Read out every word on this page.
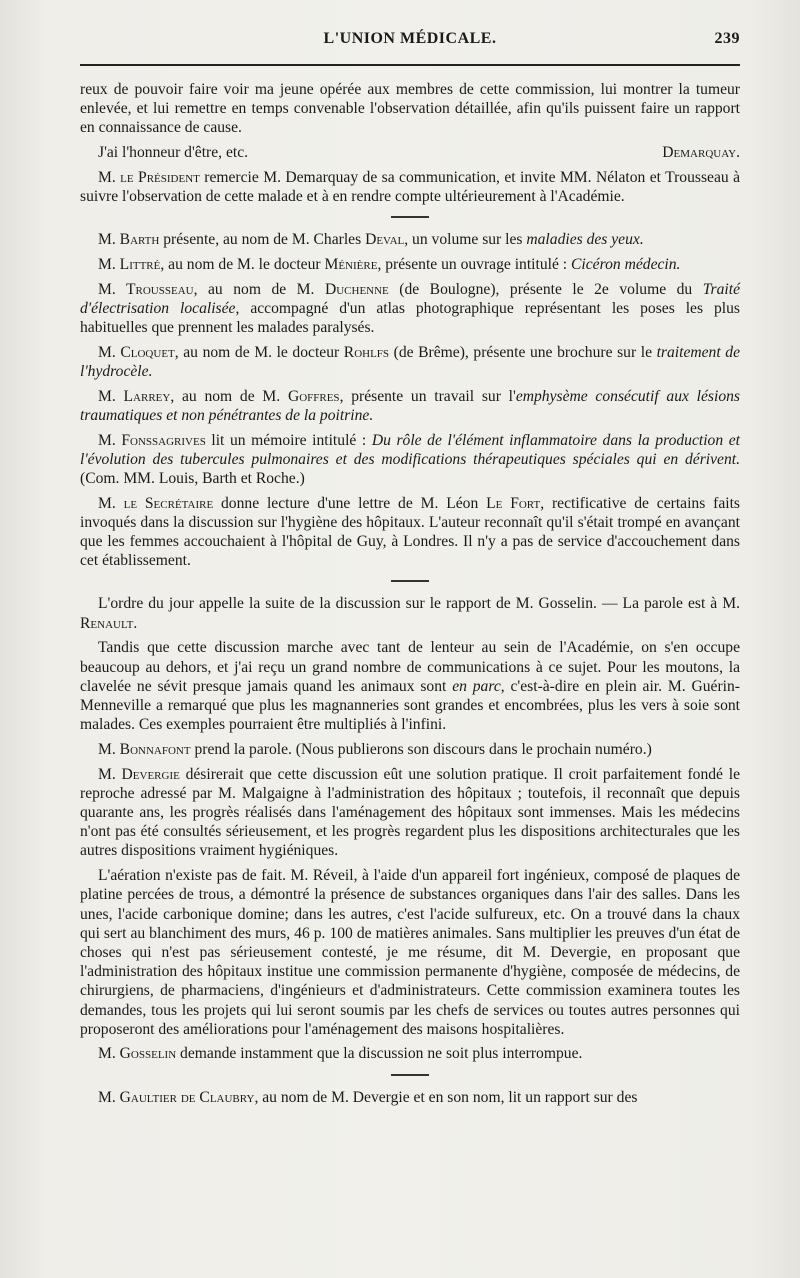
L'UNION MÉDICALE.	239

reux de pouvoir faire voir ma jeune opérée aux membres de cette commission, lui montrer la tumeur enlevée, et lui remettre en temps convenable l'observation détaillée, afin qu'ils puissent faire un rapport en connaissance de cause.

J'ai l'honneur d'être, etc.	Demarquay.

M. le Président remercie M. Demarquay de sa communication, et invite MM. Nélaton et Trousseau à suivre l'observation de cette malade et à en rendre compte ultérieurement à l'Académie.

M. Barth présente, au nom de M. Charles Deval, un volume sur les maladies des yeux.

M. Littré, au nom de M. le docteur Ménière, présente un ouvrage intitulé : Cicéron médecin.

M. Trousseau, au nom de M. Duchenne (de Boulogne), présente le 2e volume du Traité d'électrisation localisée, accompagné d'un atlas photographique représentant les poses les plus habituelles que prennent les malades paralysés.

M. Cloquet, au nom de M. le docteur Rohlfs (de Brême), présente une brochure sur le traitement de l'hydrocèle.

M. Larrey, au nom de M. Goffres, présente un travail sur l'emphysème consécutif aux lésions traumatiques et non pénétrantes de la poitrine.

M. Fonssagrives lit un mémoire intitulé : Du rôle de l'élément inflammatoire dans la production et l'évolution des tubercules pulmonaires et des modifications thérapeutiques spéciales qui en dérivent. (Com. MM. Louis, Barth et Roche.)

M. le Secrétaire donne lecture d'une lettre de M. Léon Le Fort, rectificative de certains faits invoqués dans la discussion sur l'hygiène des hôpitaux. L'auteur reconnaît qu'il s'était trompé en avançant que les femmes accouchaient à l'hôpital de Guy, à Londres. Il n'y a pas de service d'accouchement dans cet établissement.

L'ordre du jour appelle la suite de la discussion sur le rapport de M. Gosselin. — La parole est à M. Renault.

Tandis que cette discussion marche avec tant de lenteur au sein de l'Académie, on s'en occupe beaucoup au dehors, et j'ai reçu un grand nombre de communications à ce sujet. Pour les moutons, la clavelée ne sévit presque jamais quand les animaux sont en parc, c'est-à-dire en plein air. M. Guérin-Menneville a remarqué que plus les magnanneries sont grandes et encombrées, plus les vers à soie sont malades. Ces exemples pourraient être multipliés à l'infini.

M. Bonnafont prend la parole. (Nous publierons son discours dans le prochain numéro.)

M. Devergie désirerait que cette discussion eût une solution pratique. Il croit parfaitement fondé le reproche adressé par M. Malgaigne à l'administration des hôpitaux ; toutefois, il reconnaît que depuis quarante ans, les progrès réalisés dans l'aménagement des hôpitaux sont immenses. Mais les médecins n'ont pas été consultés sérieusement, et les progrès regardent plus les dispositions architecturales que les autres dispositions vraiment hygiéniques.

L'aération n'existe pas de fait. M. Réveil, à l'aide d'un appareil fort ingénieux, composé de plaques de platine percées de trous, a démontré la présence de substances organiques dans l'air des salles. Dans les unes, l'acide carbonique domine; dans les autres, c'est l'acide sulfureux, etc. On a trouvé dans la chaux qui sert au blanchiment des murs, 46 p. 100 de matières animales. Sans multiplier les preuves d'un état de choses qui n'est pas sérieusement contesté, je me résume, dit M. Devergie, en proposant que l'administration des hôpitaux institue une commission permanente d'hygiène, composée de médecins, de chirurgiens, de pharmaciens, d'ingénieurs et d'administrateurs. Cette commission examinera toutes les demandes, tous les projets qui lui seront soumis par les chefs de services ou toutes autres personnes qui proposeront des améliorations pour l'aménagement des maisons hospitalières.

M. Gosselin demande instamment que la discussion ne soit plus interrompue.

M. Gaultier de Claubry, au nom de M. Devergie et en son nom, lit un rapport sur des
